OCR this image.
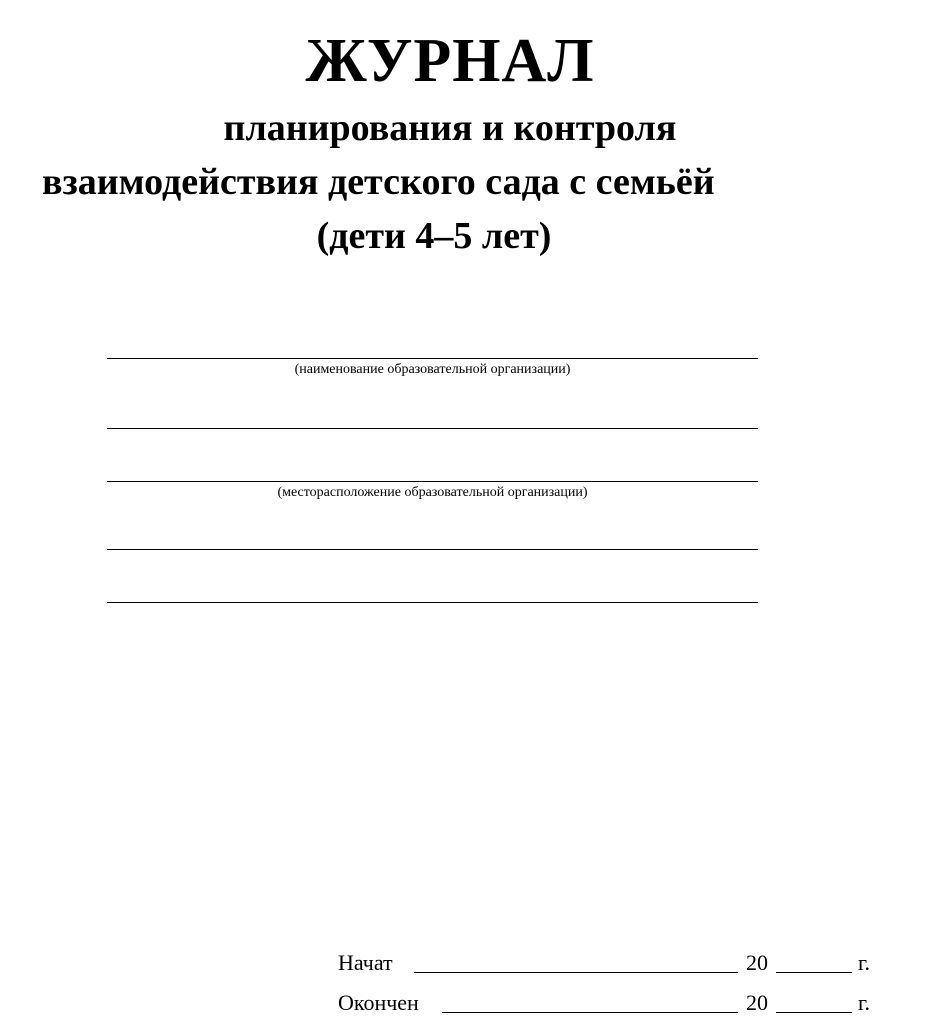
ЖУРНАЛ
планирования и контроля
взаимодействия детского сада с семьёй
(дети 4–5 лет)
(наименование образовательной организации)
(месторасположение образовательной организации)
Начат	20	г.
Окончен	20	г.
